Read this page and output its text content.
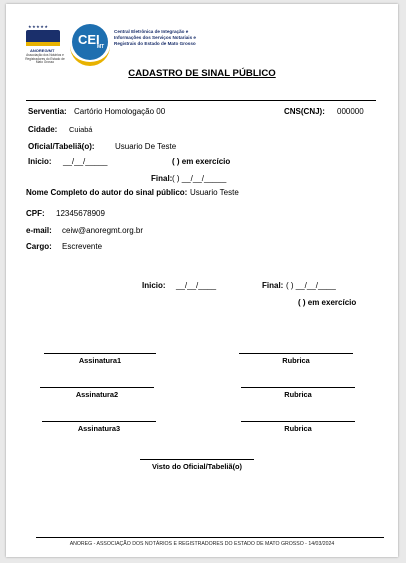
★★★★★
ANOREG/MT
Associação dos Notários e Registradores do Estado de Mato Grosso
CEI
MT
Central Eletrônica de Integração e
Informações dos Serviços Notariais e
Registrais do Estado de Mato Grosso
CADASTRO DE SINAL PÚBLICO
Serventia: Cartório Homologação 00	CNS(CNJ): 000000
Cidade: Cuiabá
Oficial/Tabeliã(o):	Usuario De Teste
Inicio: __/__/_____	( ) em exercício
Final: ( ) __/__/_____
Nome Completo do autor do sinal público: Usuario Teste
CPF: 12345678909
e-mail: ceiw@anoregmt.org.br
Cargo: Escrevente
Inicio: __/__/____	Final: ( ) __/__/____
( ) em exercício
Assinatura1	Rubrica
Assinatura2	Rubrica
Assinatura3	Rubrica
Visto do Oficial/Tabeliã(o)
ANOREG - ASSOCIAÇÃO DOS NOTÁRIOS E REGISTRADORES DO ESTADO DE MATO GROSSO - 14/03/2024
